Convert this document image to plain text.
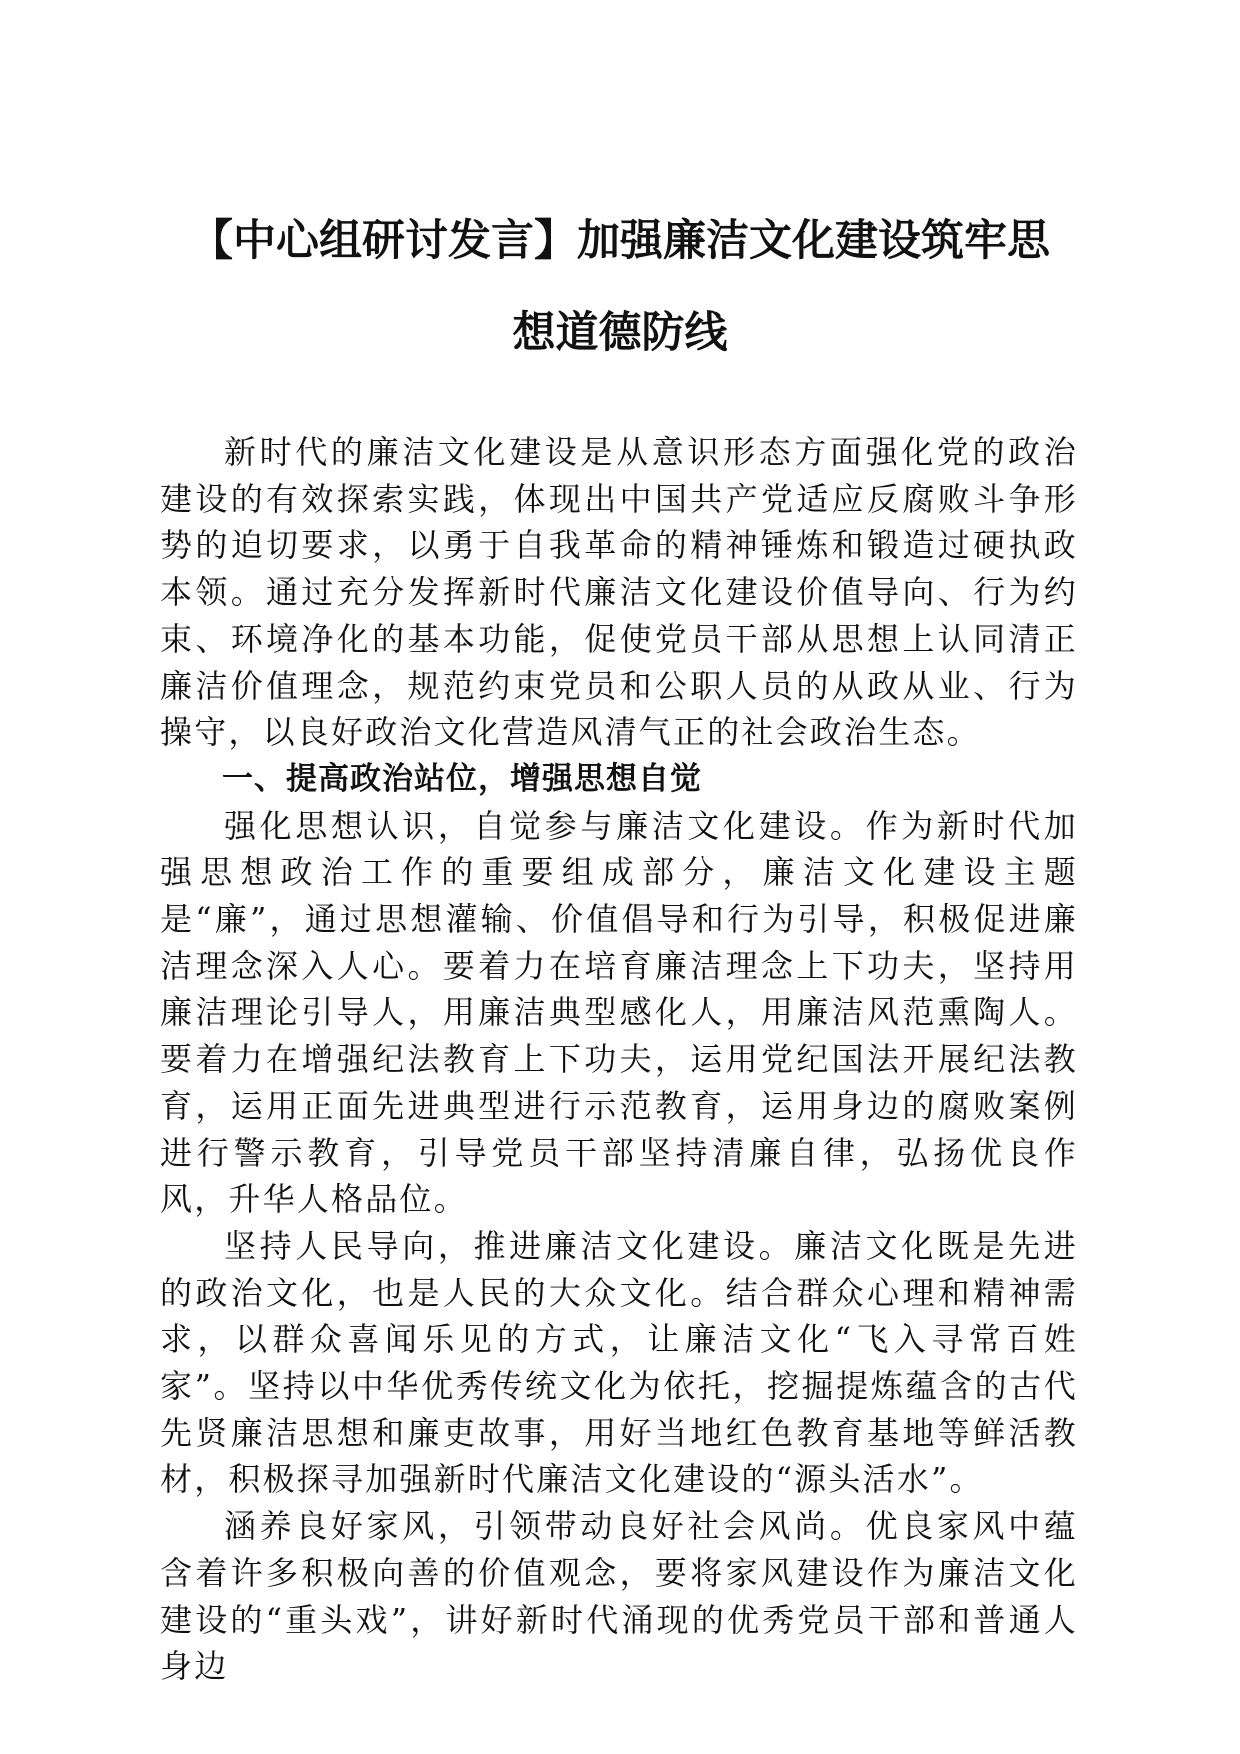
【中心组研讨发言】加强廉洁文化建设筑牢思
想道德防线

新时代的廉洁文化建设是从意识形态方面强化党的政治建设的有效探索实践，体现出中国共产党适应反腐败斗争形势的迫切要求，以勇于自我革命的精神锤炼和锻造过硬执政本领。通过充分发挥新时代廉洁文化建设价值导向、行为约束、环境净化的基本功能，促使党员干部从思想上认同清正廉洁价值理念，规范约束党员和公职人员的从政从业、行为操守，以良好政治文化营造风清气正的社会政治生态。

一、提高政治站位，增强思想自觉

强化思想认识，自觉参与廉洁文化建设。作为新时代加强思想政治工作的重要组成部分，廉洁文化建设主题是“廉”，通过思想灌输、价值倡导和行为引导，积极促进廉洁理念深入人心。要着力在培育廉洁理念上下功夫，坚持用廉洁理论引导人，用廉洁典型感化人，用廉洁风范熏陶人。要着力在增强纪法教育上下功夫，运用党纪国法开展纪法教育，运用正面先进典型进行示范教育，运用身边的腐败案例进行警示教育，引导党员干部坚持清廉自律，弘扬优良作风，升华人格品位。

坚持人民导向，推进廉洁文化建设。廉洁文化既是先进的政治文化，也是人民的大众文化。结合群众心理和精神需求，以群众喜闻乐见的方式，让廉洁文化“飞入寻常百姓家”。坚持以中华优秀传统文化为依托，挖掘提炼蕴含的古代先贤廉洁思想和廉吏故事，用好当地红色教育基地等鲜活教材，积极探寻加强新时代廉洁文化建设的“源头活水”。

涵养良好家风，引领带动良好社会风尚。优良家风中蕴含着许多积极向善的价值观念，要将家风建设作为廉洁文化建设的“重头戏”，讲好新时代涌现的优秀党员干部和普通人身边
